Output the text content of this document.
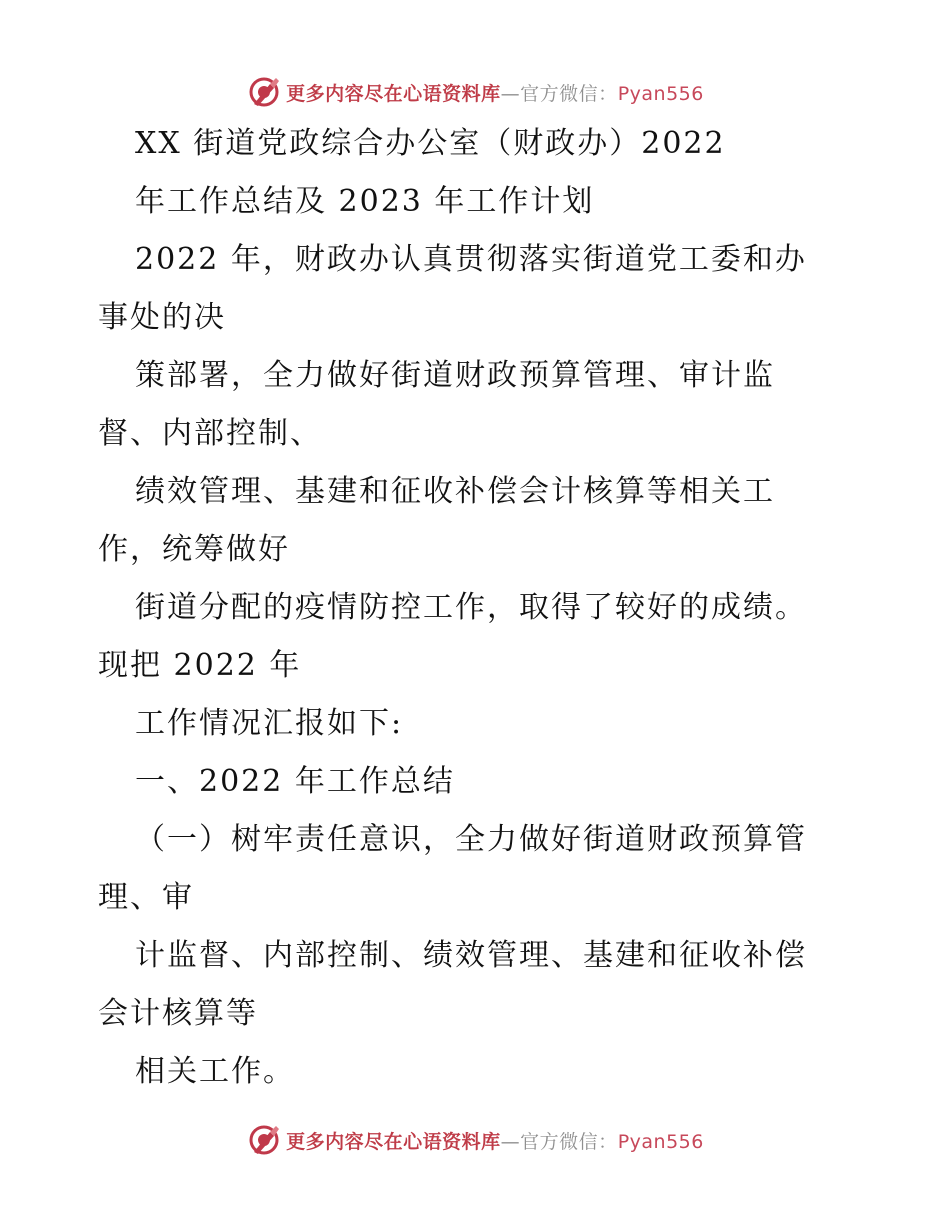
更多内容尽在心语资料库—官方微信：Pyan556
XX 街道党政综合办公室（财政办）2022
年工作总结及 2023 年工作计划
2022 年，财政办认真贯彻落实街道党工委和办
事处的决
策部署，全力做好街道财政预算管理、审计监
督、内部控制、
绩效管理、基建和征收补偿会计核算等相关工
作，统筹做好
街道分配的疫情防控工作，取得了较好的成绩。
现把 2022 年
工作情况汇报如下:
一、2022 年工作总结
（一）树牢责任意识，全力做好街道财政预算管
理、审
计监督、内部控制、绩效管理、基建和征收补偿
会计核算等
相关工作。
更多内容尽在心语资料库—官方微信：Pyan556
